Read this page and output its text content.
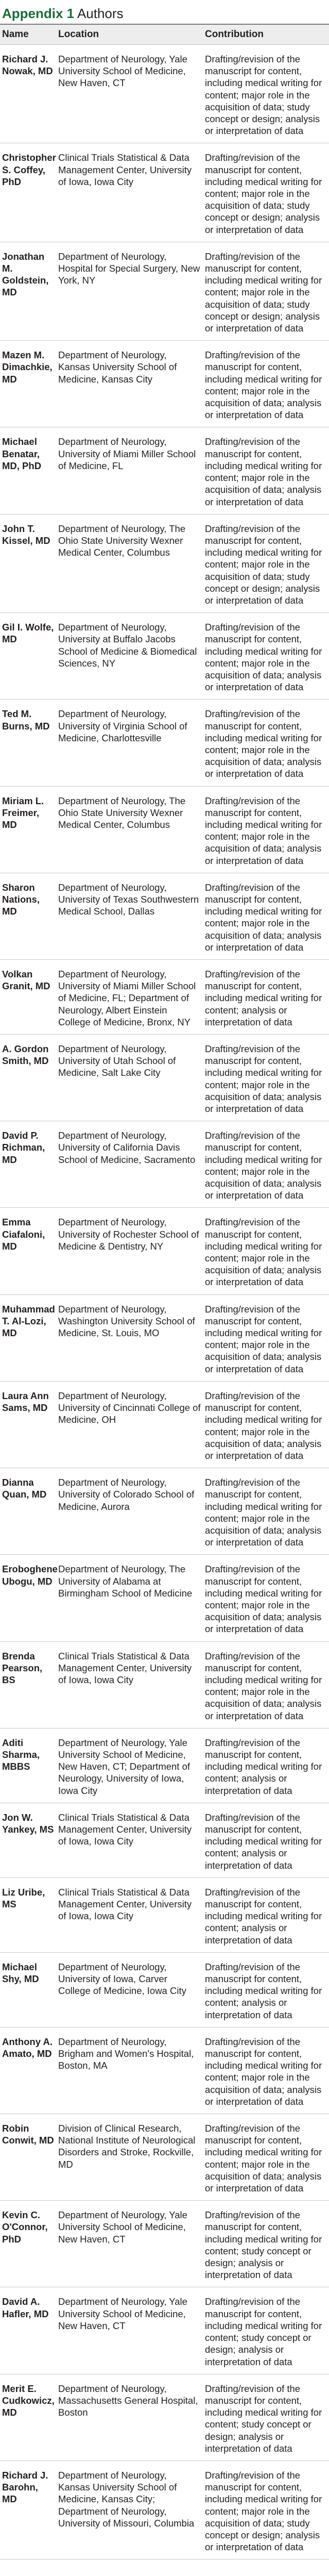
Appendix 1 Authors
Name	Location	Contribution
Richard J. Nowak, MD	Department of Neurology, Yale University School of Medicine, New Haven, CT	Drafting/revision of the manuscript for content, including medical writing for content; major role in the acquisition of data; study concept or design; analysis or interpretation of data
Christopher S. Coffey, PhD	Clinical Trials Statistical & Data Management Center, University of Iowa, Iowa City	Drafting/revision of the manuscript for content, including medical writing for content; major role in the acquisition of data; study concept or design; analysis or interpretation of data
Jonathan M. Goldstein, MD	Department of Neurology, Hospital for Special Surgery, New York, NY	Drafting/revision of the manuscript for content, including medical writing for content; major role in the acquisition of data; study concept or design; analysis or interpretation of data
Mazen M. Dimachkie, MD	Department of Neurology, Kansas University School of Medicine, Kansas City	Drafting/revision of the manuscript for content, including medical writing for content; major role in the acquisition of data; analysis or interpretation of data
Michael Benatar, MD, PhD	Department of Neurology, University of Miami Miller School of Medicine, FL	Drafting/revision of the manuscript for content, including medical writing for content; major role in the acquisition of data; analysis or interpretation of data
John T. Kissel, MD	Department of Neurology, The Ohio State University Wexner Medical Center, Columbus	Drafting/revision of the manuscript for content, including medical writing for content; major role in the acquisition of data; study concept or design; analysis or interpretation of data
Gil I. Wolfe, MD	Department of Neurology, University at Buffalo Jacobs School of Medicine & Biomedical Sciences, NY	Drafting/revision of the manuscript for content, including medical writing for content; major role in the acquisition of data; analysis or interpretation of data
Ted M. Burns, MD	Department of Neurology, University of Virginia School of Medicine, Charlottesville	Drafting/revision of the manuscript for content, including medical writing for content; major role in the acquisition of data; analysis or interpretation of data
Miriam L. Freimer, MD	Department of Neurology, The Ohio State University Wexner Medical Center, Columbus	Drafting/revision of the manuscript for content, including medical writing for content; major role in the acquisition of data; analysis or interpretation of data
Sharon Nations, MD	Department of Neurology, University of Texas Southwestern Medical School, Dallas	Drafting/revision of the manuscript for content, including medical writing for content; major role in the acquisition of data; analysis or interpretation of data
Volkan Granit, MD	Department of Neurology, University of Miami Miller School of Medicine, FL; Department of Neurology, Albert Einstein College of Medicine, Bronx, NY	Drafting/revision of the manuscript for content, including medical writing for content; analysis or interpretation of data
A. Gordon Smith, MD	Department of Neurology, University of Utah School of Medicine, Salt Lake City	Drafting/revision of the manuscript for content, including medical writing for content; major role in the acquisition of data; analysis or interpretation of data
David P. Richman, MD	Department of Neurology, University of California Davis School of Medicine, Sacramento	Drafting/revision of the manuscript for content, including medical writing for content; major role in the acquisition of data; analysis or interpretation of data
Emma Ciafaloni, MD	Department of Neurology, University of Rochester School of Medicine & Dentistry, NY	Drafting/revision of the manuscript for content, including medical writing for content; major role in the acquisition of data; analysis or interpretation of data
Muhammad T. Al-Lozi, MD	Department of Neurology, Washington University School of Medicine, St. Louis, MO	Drafting/revision of the manuscript for content, including medical writing for content; major role in the acquisition of data; analysis or interpretation of data
Laura Ann Sams, MD	Department of Neurology, University of Cincinnati College of Medicine, OH	Drafting/revision of the manuscript for content, including medical writing for content; major role in the acquisition of data; analysis or interpretation of data
Dianna Quan, MD	Department of Neurology, University of Colorado School of Medicine, Aurora	Drafting/revision of the manuscript for content, including medical writing for content; major role in the acquisition of data; analysis or interpretation of data
Eroboghene Ubogu, MD	Department of Neurology, The University of Alabama at Birmingham School of Medicine	Drafting/revision of the manuscript for content, including medical writing for content; major role in the acquisition of data; analysis or interpretation of data
Brenda Pearson, BS	Clinical Trials Statistical & Data Management Center, University of Iowa, Iowa City	Drafting/revision of the manuscript for content, including medical writing for content; major role in the acquisition of data; analysis or interpretation of data
Aditi Sharma, MBBS	Department of Neurology, Yale University School of Medicine, New Haven, CT; Department of Neurology, University of Iowa, Iowa City	Drafting/revision of the manuscript for content, including medical writing for content; analysis or interpretation of data
Jon W. Yankey, MS	Clinical Trials Statistical & Data Management Center, University of Iowa, Iowa City	Drafting/revision of the manuscript for content, including medical writing for content; analysis or interpretation of data
Liz Uribe, MS	Clinical Trials Statistical & Data Management Center, University of Iowa, Iowa City	Drafting/revision of the manuscript for content, including medical writing for content; analysis or interpretation of data
Michael Shy, MD	Department of Neurology, University of Iowa, Carver College of Medicine, Iowa City	Drafting/revision of the manuscript for content, including medical writing for content; analysis or interpretation of data
Anthony A. Amato, MD	Department of Neurology, Brigham and Women's Hospital, Boston, MA	Drafting/revision of the manuscript for content, including medical writing for content; major role in the acquisition of data; analysis or interpretation of data
Robin Conwit, MD	Division of Clinical Research, National Institute of Neurological Disorders and Stroke, Rockville, MD	Drafting/revision of the manuscript for content, including medical writing for content; major role in the acquisition of data; analysis or interpretation of data
Kevin C. O'Connor, PhD	Department of Neurology, Yale University School of Medicine, New Haven, CT	Drafting/revision of the manuscript for content, including medical writing for content; study concept or design; analysis or interpretation of data
David A. Hafler, MD	Department of Neurology, Yale University School of Medicine, New Haven, CT	Drafting/revision of the manuscript for content, including medical writing for content; study concept or design; analysis or interpretation of data
Merit E. Cudkowicz, MD	Department of Neurology, Massachusetts General Hospital, Boston	Drafting/revision of the manuscript for content, including medical writing for content; study concept or design; analysis or interpretation of data
Richard J. Barohn, MD	Department of Neurology, Kansas University School of Medicine, Kansas City; Department of Neurology, University of Missouri, Columbia	Drafting/revision of the manuscript for content, including medical writing for content; major role in the acquisition of data; study concept or design; analysis or interpretation of data
